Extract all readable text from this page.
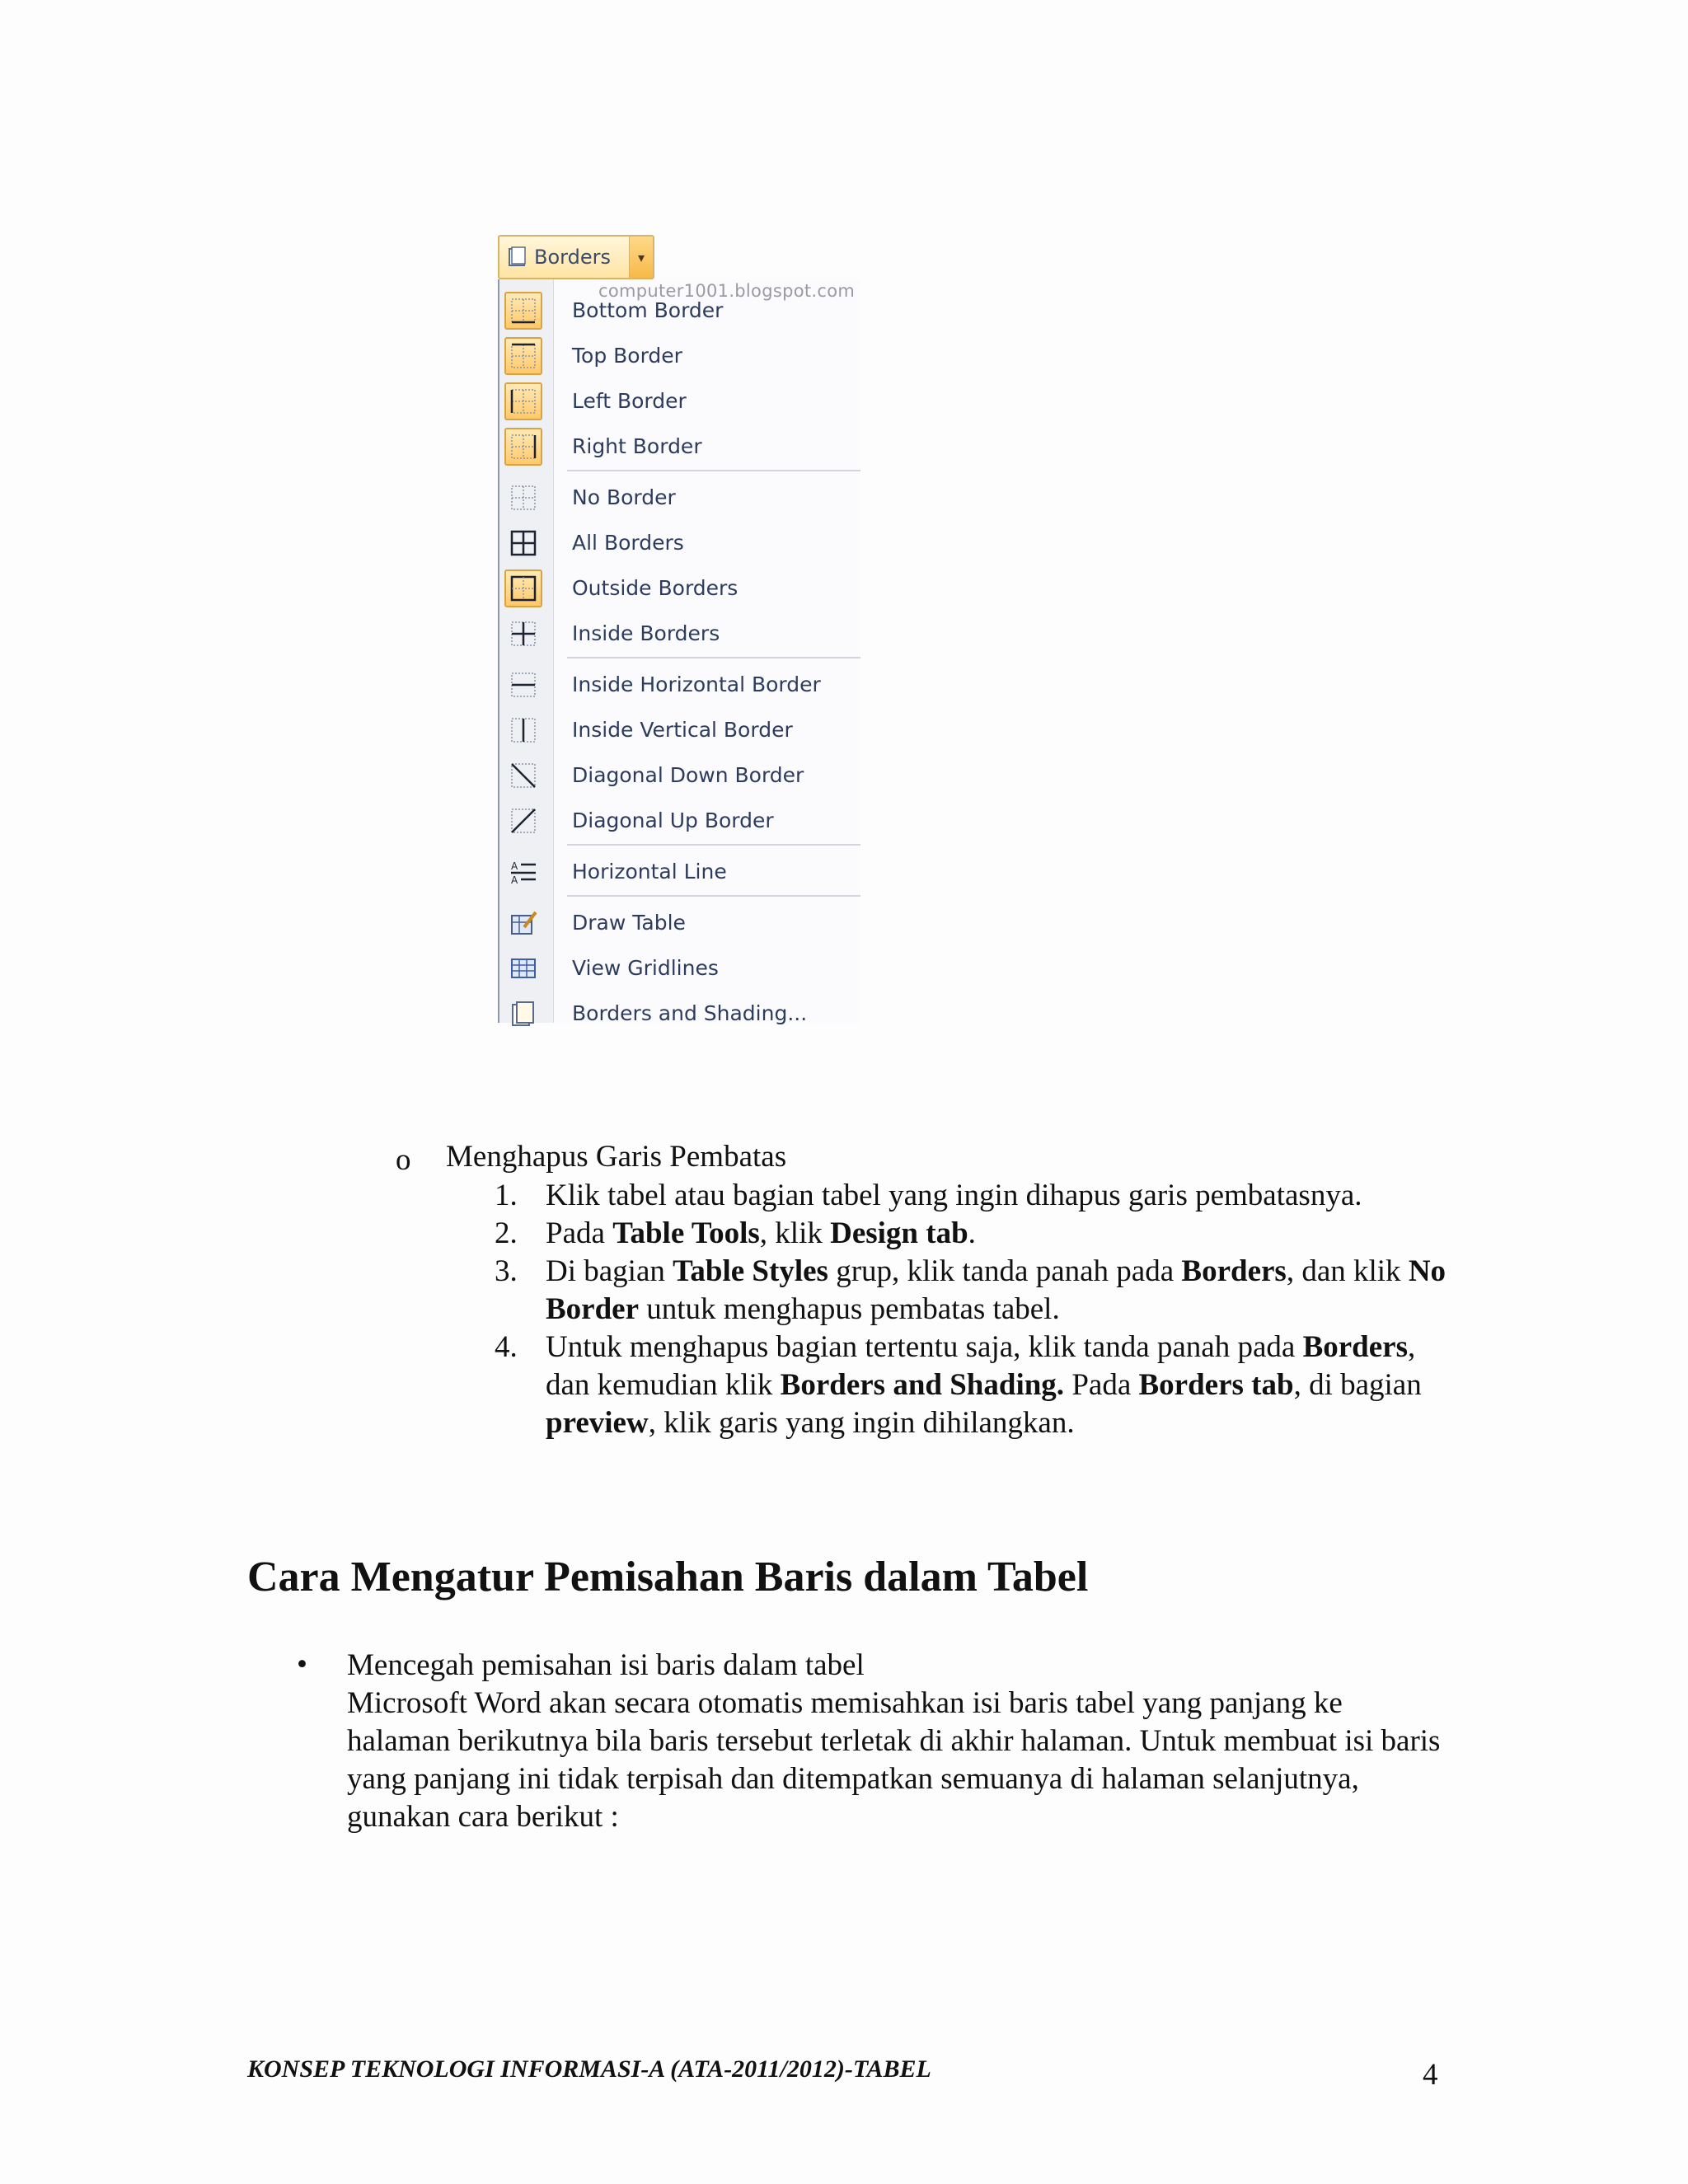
Borders	▾
computer1001.blogspot.com
Bottom Border
Top Border
Left Border
Right Border
No Border
All Borders
Outside Borders
Inside Borders
Inside Horizontal Border
Inside Vertical Border
Diagonal Down Border
Diagonal Up Border
A
A	Horizontal Line
Draw Table
View Gridlines
Borders and Shading...
o Menghapus Garis Pembatas
1. Klik tabel atau bagian tabel yang ingin dihapus garis pembatasnya.
2. Pada Table Tools, klik Design tab.
3. Di bagian Table Styles grup, klik tanda panah pada Borders, dan klik No Border untuk menghapus pembatas tabel.
4. Untuk menghapus bagian tertentu saja, klik tanda panah pada Borders, dan kemudian klik Borders and Shading. Pada Borders tab, di bagian preview, klik garis yang ingin dihilangkan.
Cara Mengatur Pemisahan Baris dalam Tabel
• Mencegah pemisahan isi baris dalam tabel
Microsoft Word akan secara otomatis memisahkan isi baris tabel yang panjang ke halaman berikutnya bila baris tersebut terletak di akhir halaman. Untuk membuat isi baris yang panjang ini tidak terpisah dan ditempatkan semuanya di halaman selanjutnya, gunakan cara berikut :
KONSEP TEKNOLOGI INFORMASI-A (ATA-2011/2012)-TABEL	4
